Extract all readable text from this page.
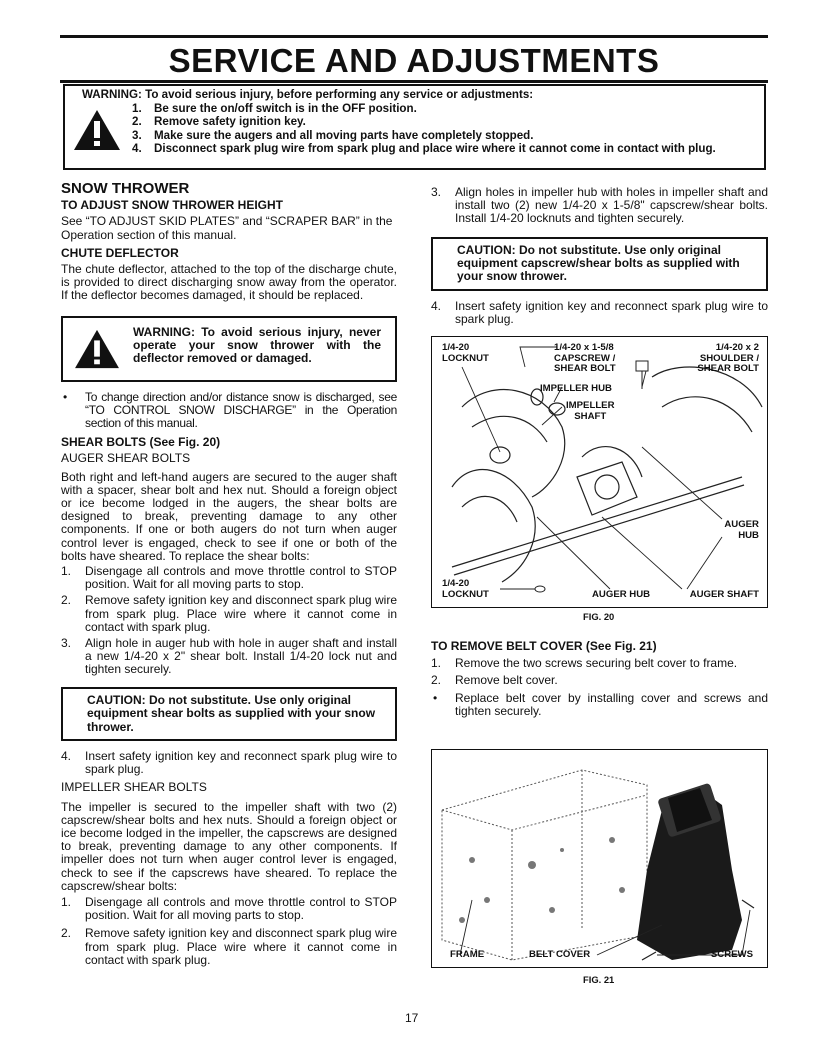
SERVICE AND ADJUSTMENTS
WARNING: To avoid serious injury, before performing any service or adjustments:
1. Be sure the on/off switch is in the OFF position.
2. Remove safety ignition key.
3. Make sure the augers and all moving parts have completely stopped.
4. Disconnect spark plug wire from spark plug and place wire where it cannot come in contact with plug.
SNOW THROWER
TO ADJUST SNOW THROWER HEIGHT

See “TO ADJUST SKID PLATES” and “SCRAPER BAR” in the Operation section of this manual.

CHUTE DEFLECTOR

The chute deflector, attached to the top of the discharge chute, is provided to direct discharging snow away from the operator. If the deflector becomes damaged, it should be replaced.

WARNING: To avoid serious injury, never operate your snow thrower with the deflector removed or damaged.
• To change direction and/or distance snow is discharged, see “TO CONTROL SNOW DISCHARGE” in the Operation section of this manual.
SHEAR BOLTS (See Fig. 20)

AUGER SHEAR BOLTS

Both right and left-hand augers are secured to the auger shaft with a spacer, shear bolt and hex nut. Should a foreign object or ice become lodged in the augers, the shear bolts are designed to break, preventing damage to any other components. If one or both augers do not turn when auger control lever is engaged, check to see if one or both of the bolts have sheared. To replace the shear bolts:

1. Disengage all controls and move throttle control to STOP position. Wait for all moving parts to stop.
2. Remove safety ignition key and disconnect spark plug wire from spark plug. Place wire where it cannot come in contact with spark plug.
3. Align hole in auger hub with hole in auger shaft and install a new 1/4-20 x 2" shear bolt. Install 1/4-20 lock nut and tighten securely.
CAUTION: Do not substitute. Use only original equipment shear bolts as supplied with your snow thrower.
4. Insert safety ignition key and reconnect spark plug wire to spark plug.

IMPELLER SHEAR BOLTS

The impeller is secured to the impeller shaft with two (2) capscrew/shear bolts and hex nuts. Should a foreign object or ice become lodged in the impeller, the capscrews are designed to break, preventing damage to any other components. If impeller does not turn when auger control lever is engaged, check to see if the capscrews have sheared. To replace the capscrew/shear bolts:

1. Disengage all controls and move throttle control to STOP position. Wait for all moving parts to stop.
2. Remove safety ignition key and disconnect spark plug wire from spark plug. Place wire where it cannot come in contact with spark plug.
3. Align holes in impeller hub with holes in impeller shaft and install two (2) new 1/4-20 x 1-5/8" capscrew/shear bolts. Install 1/4-20 locknuts and tighten securely.
CAUTION: Do not substitute. Use only original equipment capscrew/shear bolts as supplied with your snow thrower.
4. Insert safety ignition key and reconnect spark plug wire to spark plug.
1/4-20
LOCKNUT
1/4-20 x 1-5/8
CAPSCREW /
SHEAR BOLT
1/4-20 x 2
SHOULDER /
SHEAR BOLT
IMPELLER HUB
IMPELLER
SHAFT
AUGER
HUB
1/4-20
LOCKNUT	AUGER HUB	AUGER SHAFT
FIG. 20
TO REMOVE BELT COVER (See Fig. 21)
1. Remove the two screws securing belt cover to frame.
2. Remove belt cover.
• Replace belt cover by installing cover and screws and tighten securely.
FRAME	BELT COVER	SCREWS
FIG. 21
17
